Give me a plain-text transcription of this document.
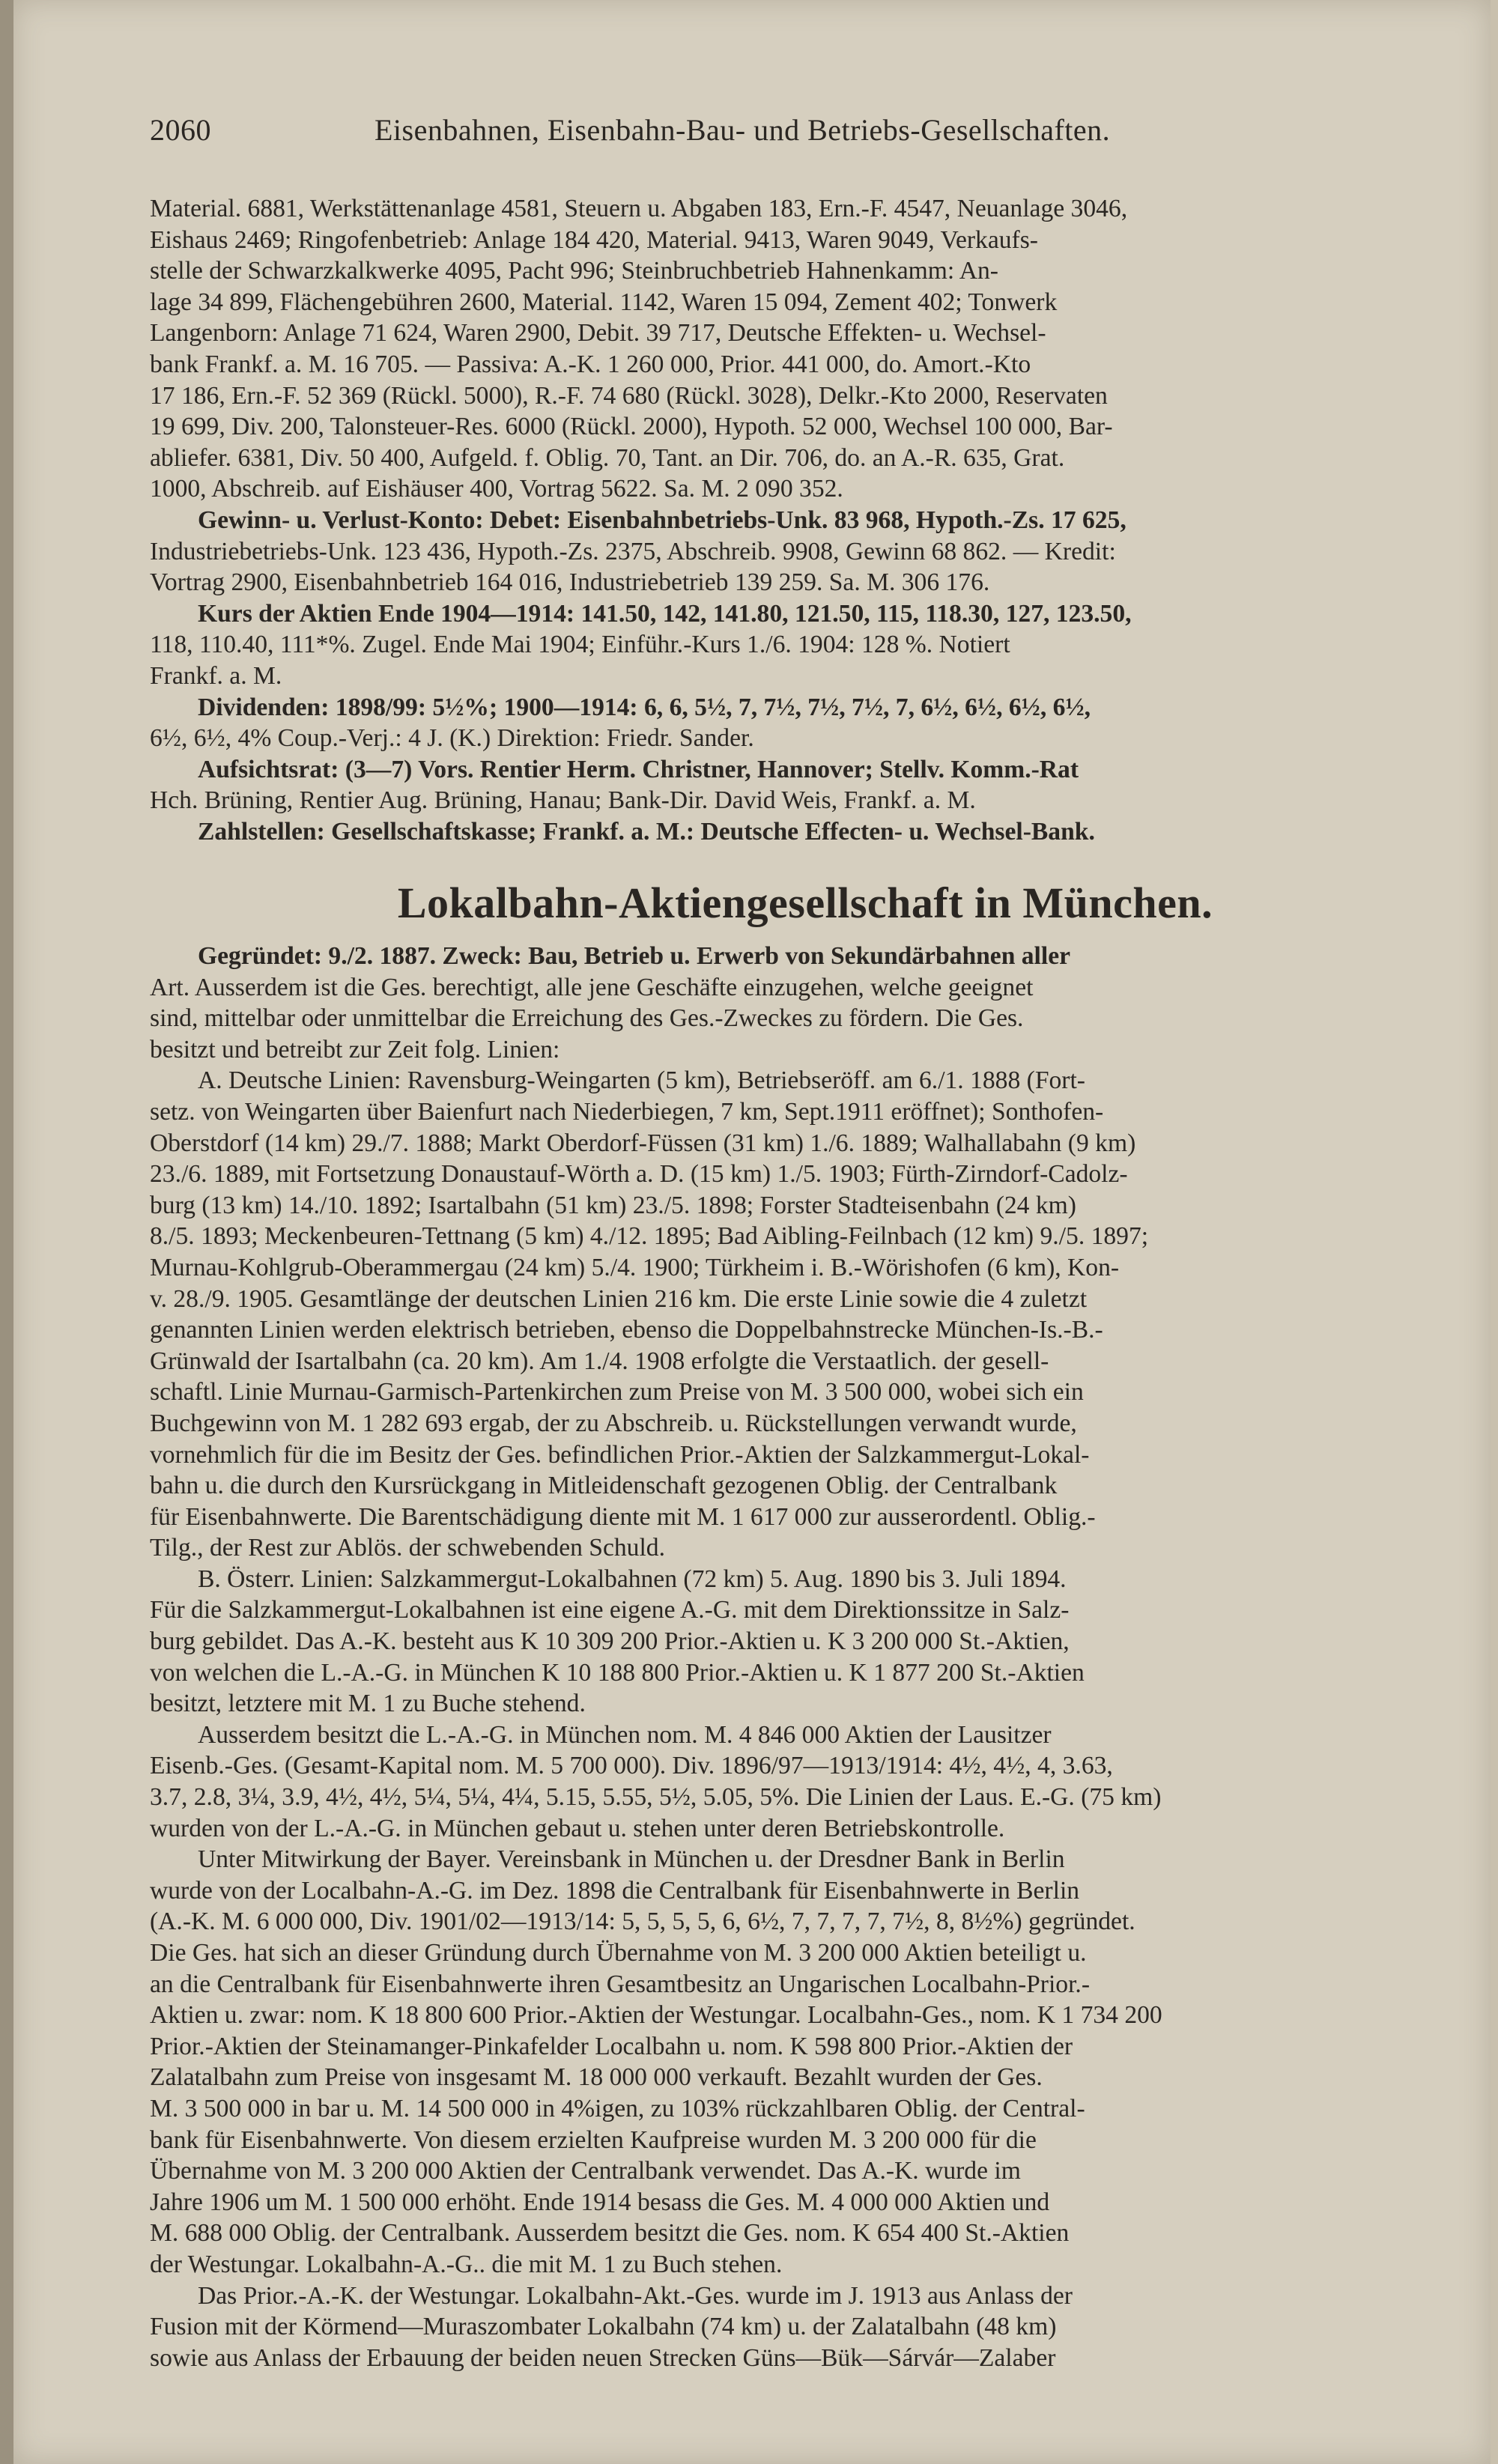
2060	Eisenbahnen, Eisenbahn-Bau- und Betriebs-Gesellschaften.

Material. 6881, Werkstättenanlage 4581, Steuern u. Abgaben 183, Ern.-F. 4547, Neuanlage 3046,

Eishaus 2469; Ringofenbetrieb: Anlage 184 420, Material. 9413, Waren 9049, Verkaufs-

stelle der Schwarzkalkwerke 4095, Pacht 996; Steinbruchbetrieb Hahnenkamm: An-

lage 34 899, Flächengebühren 2600, Material. 1142, Waren 15 094, Zement 402; Tonwerk

Langenborn: Anlage 71 624, Waren 2900, Debit. 39 717, Deutsche Effekten- u. Wechsel-

bank Frankf. a. M. 16 705. — Passiva: A.-K. 1 260 000, Prior. 441 000, do. Amort.-Kto

17 186, Ern.-F. 52 369 (Rückl. 5000), R.-F. 74 680 (Rückl. 3028), Delkr.-Kto 2000, Reservaten

19 699, Div. 200, Talonsteuer-Res. 6000 (Rückl. 2000), Hypoth. 52 000, Wechsel 100 000, Bar-

abliefer. 6381, Div. 50 400, Aufgeld. f. Oblig. 70, Tant. an Dir. 706, do. an A.-R. 635, Grat.

1000, Abschreib. auf Eishäuser 400, Vortrag 5622. Sa. M. 2 090 352.

Gewinn- u. Verlust-Konto: Debet: Eisenbahnbetriebs-Unk. 83 968, Hypoth.-Zs. 17 625,

Industriebetriebs-Unk. 123 436, Hypoth.-Zs. 2375, Abschreib. 9908, Gewinn 68 862. — Kredit:

Vortrag 2900, Eisenbahnbetrieb 164 016, Industriebetrieb 139 259. Sa. M. 306 176.

Kurs der Aktien Ende 1904—1914: 141.50, 142, 141.80, 121.50, 115, 118.30, 127, 123.50,

118, 110.40, 111*%. Zugel. Ende Mai 1904; Einführ.-Kurs 1./6. 1904: 128 %. Notiert

Frankf. a. M.

Dividenden: 1898/99: 5½%; 1900—1914: 6, 6, 5½, 7, 7½, 7½, 7½, 7, 6½, 6½, 6½, 6½,

6½, 6½, 4% Coup.-Verj.: 4 J. (K.) Direktion: Friedr. Sander.

Aufsichtsrat: (3—7) Vors. Rentier Herm. Christner, Hannover; Stellv. Komm.-Rat

Hch. Brüning, Rentier Aug. Brüning, Hanau; Bank-Dir. David Weis, Frankf. a. M.

Zahlstellen: Gesellschaftskasse; Frankf. a. M.: Deutsche Effecten- u. Wechsel-Bank.

Lokalbahn-Aktiengesellschaft in München.

Gegründet: 9./2. 1887. Zweck: Bau, Betrieb u. Erwerb von Sekundärbahnen aller

Art. Ausserdem ist die Ges. berechtigt, alle jene Geschäfte einzugehen, welche geeignet

sind, mittelbar oder unmittelbar die Erreichung des Ges.-Zweckes zu fördern. Die Ges.

besitzt und betreibt zur Zeit folg. Linien:

A. Deutsche Linien: Ravensburg-Weingarten (5 km), Betriebseröff. am 6./1. 1888 (Fort-

setz. von Weingarten über Baienfurt nach Niederbiegen, 7 km, Sept.1911 eröffnet); Sonthofen-

Oberstdorf (14 km) 29./7. 1888; Markt Oberdorf-Füssen (31 km) 1./6. 1889; Walhallabahn (9 km)

23./6. 1889, mit Fortsetzung Donaustauf-Wörth a. D. (15 km) 1./5. 1903; Fürth-Zirndorf-Cadolz-

burg (13 km) 14./10. 1892; Isartalbahn (51 km) 23./5. 1898; Forster Stadteisenbahn (24 km)

8./5. 1893; Meckenbeuren-Tettnang (5 km) 4./12. 1895; Bad Aibling-Feilnbach (12 km) 9./5. 1897;

Murnau-Kohlgrub-Oberammergau (24 km) 5./4. 1900; Türkheim i. B.-Wörishofen (6 km), Kon-

v. 28./9. 1905. Gesamtlänge der deutschen Linien 216 km. Die erste Linie sowie die 4 zuletzt

genannten Linien werden elektrisch betrieben, ebenso die Doppelbahnstrecke München-Is.-B.-

Grünwald der Isartalbahn (ca. 20 km). Am 1./4. 1908 erfolgte die Verstaatlich. der gesell-

schaftl. Linie Murnau-Garmisch-Partenkirchen zum Preise von M. 3 500 000, wobei sich ein

Buchgewinn von M. 1 282 693 ergab, der zu Abschreib. u. Rückstellungen verwandt wurde,

vornehmlich für die im Besitz der Ges. befindlichen Prior.-Aktien der Salzkammergut-Lokal-

bahn u. die durch den Kursrückgang in Mitleidenschaft gezogenen Oblig. der Centralbank

für Eisenbahnwerte. Die Barentschädigung diente mit M. 1 617 000 zur ausserordentl. Oblig.-

Tilg., der Rest zur Ablös. der schwebenden Schuld.

B. Österr. Linien: Salzkammergut-Lokalbahnen (72 km) 5. Aug. 1890 bis 3. Juli 1894.

Für die Salzkammergut-Lokalbahnen ist eine eigene A.-G. mit dem Direktionssitze in Salz-

burg gebildet. Das A.-K. besteht aus K 10 309 200 Prior.-Aktien u. K 3 200 000 St.-Aktien,

von welchen die L.-A.-G. in München K 10 188 800 Prior.-Aktien u. K 1 877 200 St.-Aktien

besitzt, letztere mit M. 1 zu Buche stehend.

Ausserdem besitzt die L.-A.-G. in München nom. M. 4 846 000 Aktien der Lausitzer

Eisenb.-Ges. (Gesamt-Kapital nom. M. 5 700 000). Div. 1896/97—1913/1914: 4½, 4½, 4, 3.63,

3.7, 2.8, 3¼, 3.9, 4½, 4½, 5¼, 5¼, 4¼, 5.15, 5.55, 5½, 5.05, 5%. Die Linien der Laus. E.-G. (75 km)

wurden von der L.-A.-G. in München gebaut u. stehen unter deren Betriebskontrolle.

Unter Mitwirkung der Bayer. Vereinsbank in München u. der Dresdner Bank in Berlin

wurde von der Localbahn-A.-G. im Dez. 1898 die Centralbank für Eisenbahnwerte in Berlin

(A.-K. M. 6 000 000, Div. 1901/02—1913/14: 5, 5, 5, 5, 6, 6½, 7, 7, 7, 7, 7½, 8, 8½%) gegründet.

Die Ges. hat sich an dieser Gründung durch Übernahme von M. 3 200 000 Aktien beteiligt u.

an die Centralbank für Eisenbahnwerte ihren Gesamtbesitz an Ungarischen Localbahn-Prior.-

Aktien u. zwar: nom. K 18 800 600 Prior.-Aktien der Westungar. Localbahn-Ges., nom. K 1 734 200

Prior.-Aktien der Steinamanger-Pinkafelder Localbahn u. nom. K 598 800 Prior.-Aktien der

Zalatalbahn zum Preise von insgesamt M. 18 000 000 verkauft. Bezahlt wurden der Ges.

M. 3 500 000 in bar u. M. 14 500 000 in 4%igen, zu 103% rückzahlbaren Oblig. der Central-

bank für Eisenbahnwerte. Von diesem erzielten Kaufpreise wurden M. 3 200 000 für die

Übernahme von M. 3 200 000 Aktien der Centralbank verwendet. Das A.-K. wurde im

Jahre 1906 um M. 1 500 000 erhöht. Ende 1914 besass die Ges. M. 4 000 000 Aktien und

M. 688 000 Oblig. der Centralbank. Ausserdem besitzt die Ges. nom. K 654 400 St.-Aktien

der Westungar. Lokalbahn-A.-G.. die mit M. 1 zu Buch stehen.

Das Prior.-A.-K. der Westungar. Lokalbahn-Akt.-Ges. wurde im J. 1913 aus Anlass der

Fusion mit der Körmend—Muraszombater Lokalbahn (74 km) u. der Zalatalbahn (48 km)

sowie aus Anlass der Erbauung der beiden neuen Strecken Güns—Bük—Sárvár—Zalaber
